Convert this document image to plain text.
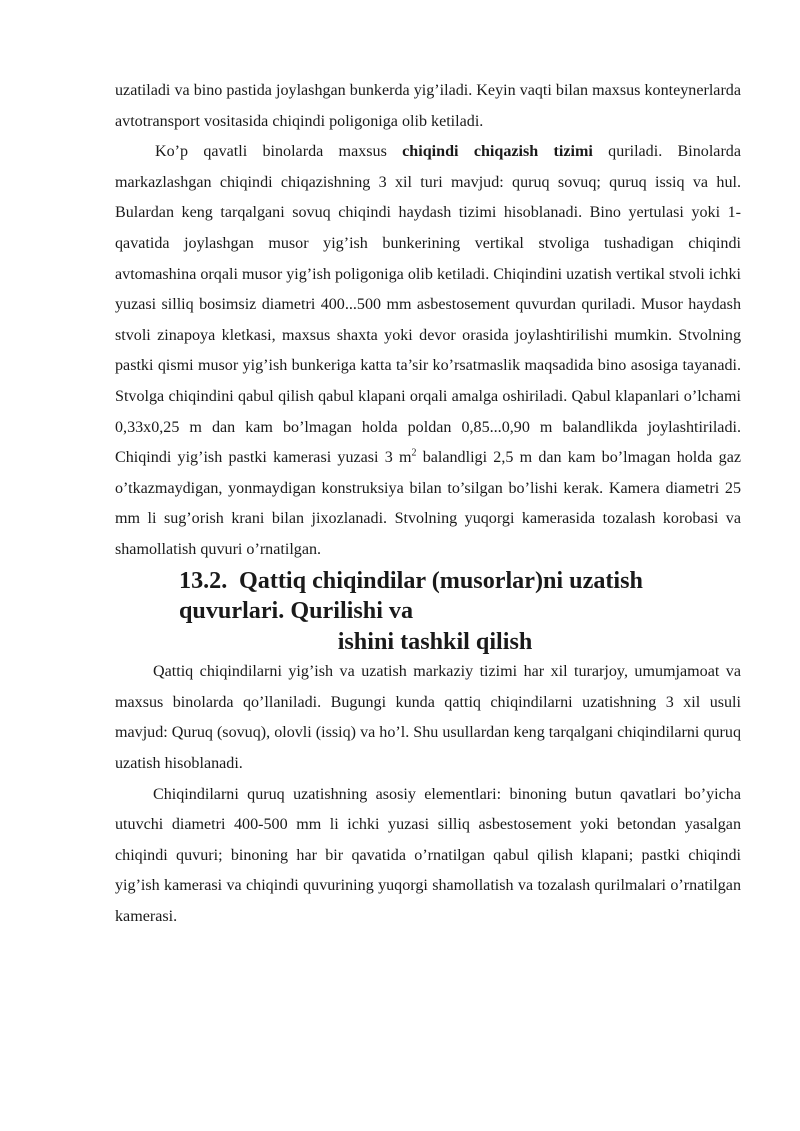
uzatiladi va bino pastida joylashgan bunkerda yig’iladi. Keyin vaqti bilan maxsus konteynerlarda avtotransport vositasida chiqindi poligoniga olib ketiladi.

Ko’p qavatli binolarda maxsus chiqindi chiqazish tizimi quriladi. Binolarda markazlashgan chiqindi chiqazishning 3 xil turi mavjud: quruq sovuq; quruq issiq va hul. Bulardan keng tarqalgani sovuq chiqindi haydash tizimi hisoblanadi. Bino yertulasi yoki 1-qavatida joylashgan musor yig’ish bunkerining vertikal stvoliga tushadigan chiqindi avtomashina orqali musor yig’ish poligoniga olib ketiladi. Chiqindini uzatish vertikal stvoli ichki yuzasi silliq bosimsiz diametri 400...500 mm asbestosement quvurdan quriladi. Musor haydash stvoli zinapoya kletkasi, maxsus shaxta yoki devor orasida joylashtirilishi mumkin. Stvolning pastki qismi musor yig’ish bunkeriga katta ta’sir ko’rsatmaslik maqsadida bino asosiga tayanadi. Stvolga chiqindini qabul qilish qabul klapani orqali amalga oshiriladi. Qabul klapanlari o’lchami 0,33x0,25 m dan kam bo’lmagan holda poldan 0,85...0,90 m balandlikda joylashtiriladi. Chiqindi yig’ish pastki kamerasi yuzasi 3 $m^2$ balandligi 2,5 m dan kam bo’lmagan holda gaz o’tkazmaydigan, yonmaydigan konstruksiya bilan to’silgan bo’lishi kerak. Kamera diametri 25 mm li sug’orish krani bilan jixozlanadi. Stvolning yuqorgi kamerasida tozalash korobasi va shamollatish quvuri o’rnatilgan.

13.2. Qattiq chiqindilar (musorlar)ni uzatish quvurlari. Qurilishi va
ishini tashkil qilish

Qattiq chiqindilarni yig’ish va uzatish markaziy tizimi har xil turarjoy, umumjamoat va maxsus binolarda qo’llaniladi. Bugungi kunda qattiq chiqindilarni uzatishning 3 xil usuli mavjud: Quruq (sovuq), olovli (issiq) va ho’l. Shu usullardan keng tarqalgani chiqindilarni quruq uzatish hisoblanadi.

Chiqindilarni quruq uzatishning asosiy elementlari: binoning butun qavatlari bo’yicha utuvchi diametri 400-500 mm li ichki yuzasi silliq asbestosement yoki betondan yasalgan chiqindi quvuri; binoning har bir qavatida o’rnatilgan qabul qilish klapani; pastki chiqindi yig’ish kamerasi va chiqindi quvurining yuqorgi shamollatish va tozalash qurilmalari o’rnatilgan kamerasi.
